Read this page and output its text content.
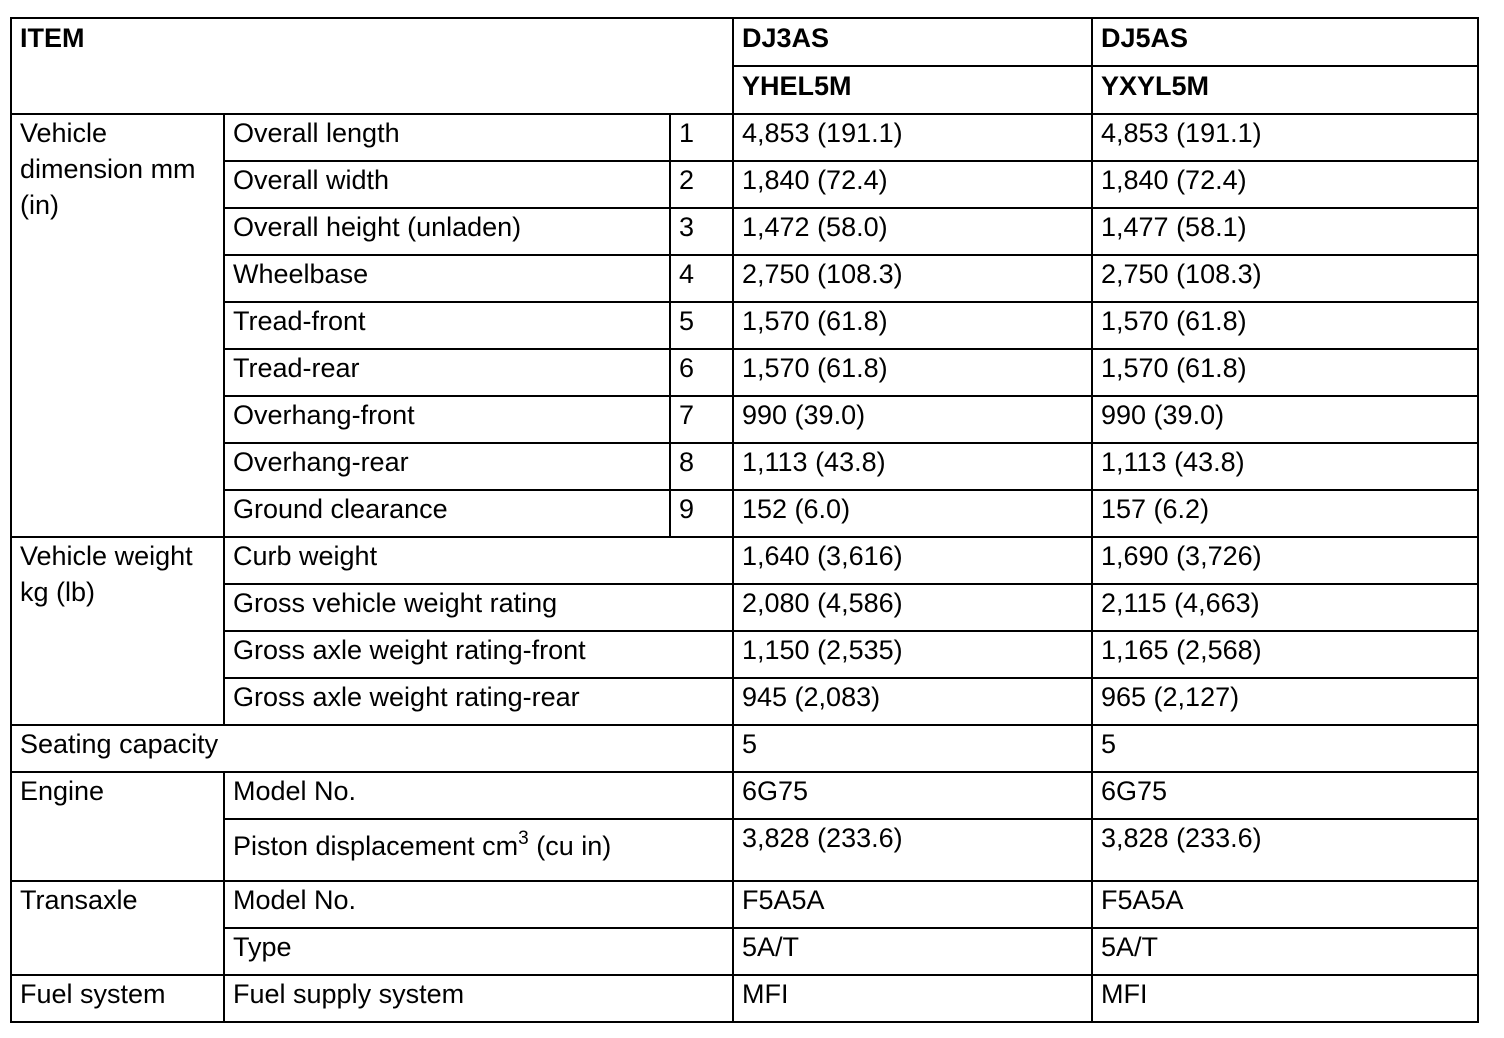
ITEM			DJ3AS	DJ5AS
			YHEL5M	YXYL5M
Vehicle dimension mm (in)	Overall length	1	4,853 (191.1)	4,853 (191.1)
	Overall width	2	1,840 (72.4)	1,840 (72.4)
	Overall height (unladen)	3	1,472 (58.0)	1,477 (58.1)
	Wheelbase	4	2,750 (108.3)	2,750 (108.3)
	Tread-front	5	1,570 (61.8)	1,570 (61.8)
	Tread-rear	6	1,570 (61.8)	1,570 (61.8)
	Overhang-front	7	990 (39.0)	990 (39.0)
	Overhang-rear	8	1,113 (43.8)	1,113 (43.8)
	Ground clearance	9	152 (6.0)	157 (6.2)
Vehicle weight kg (lb)	Curb weight		1,640 (3,616)	1,690 (3,726)
	Gross vehicle weight rating		2,080 (4,586)	2,115 (4,663)
	Gross axle weight rating-front		1,150 (2,535)	1,165 (2,568)
	Gross axle weight rating-rear		945 (2,083)	965 (2,127)
Seating capacity			5	5
Engine	Model No.		6G75	6G75
	Piston displacement $cm^3$ (cu in)		3,828 (233.6)	3,828 (233.6)
Transaxle	Model No.		F5A5A	F5A5A
	Type		5A/T	5A/T
Fuel system	Fuel supply system		MFI	MFI
